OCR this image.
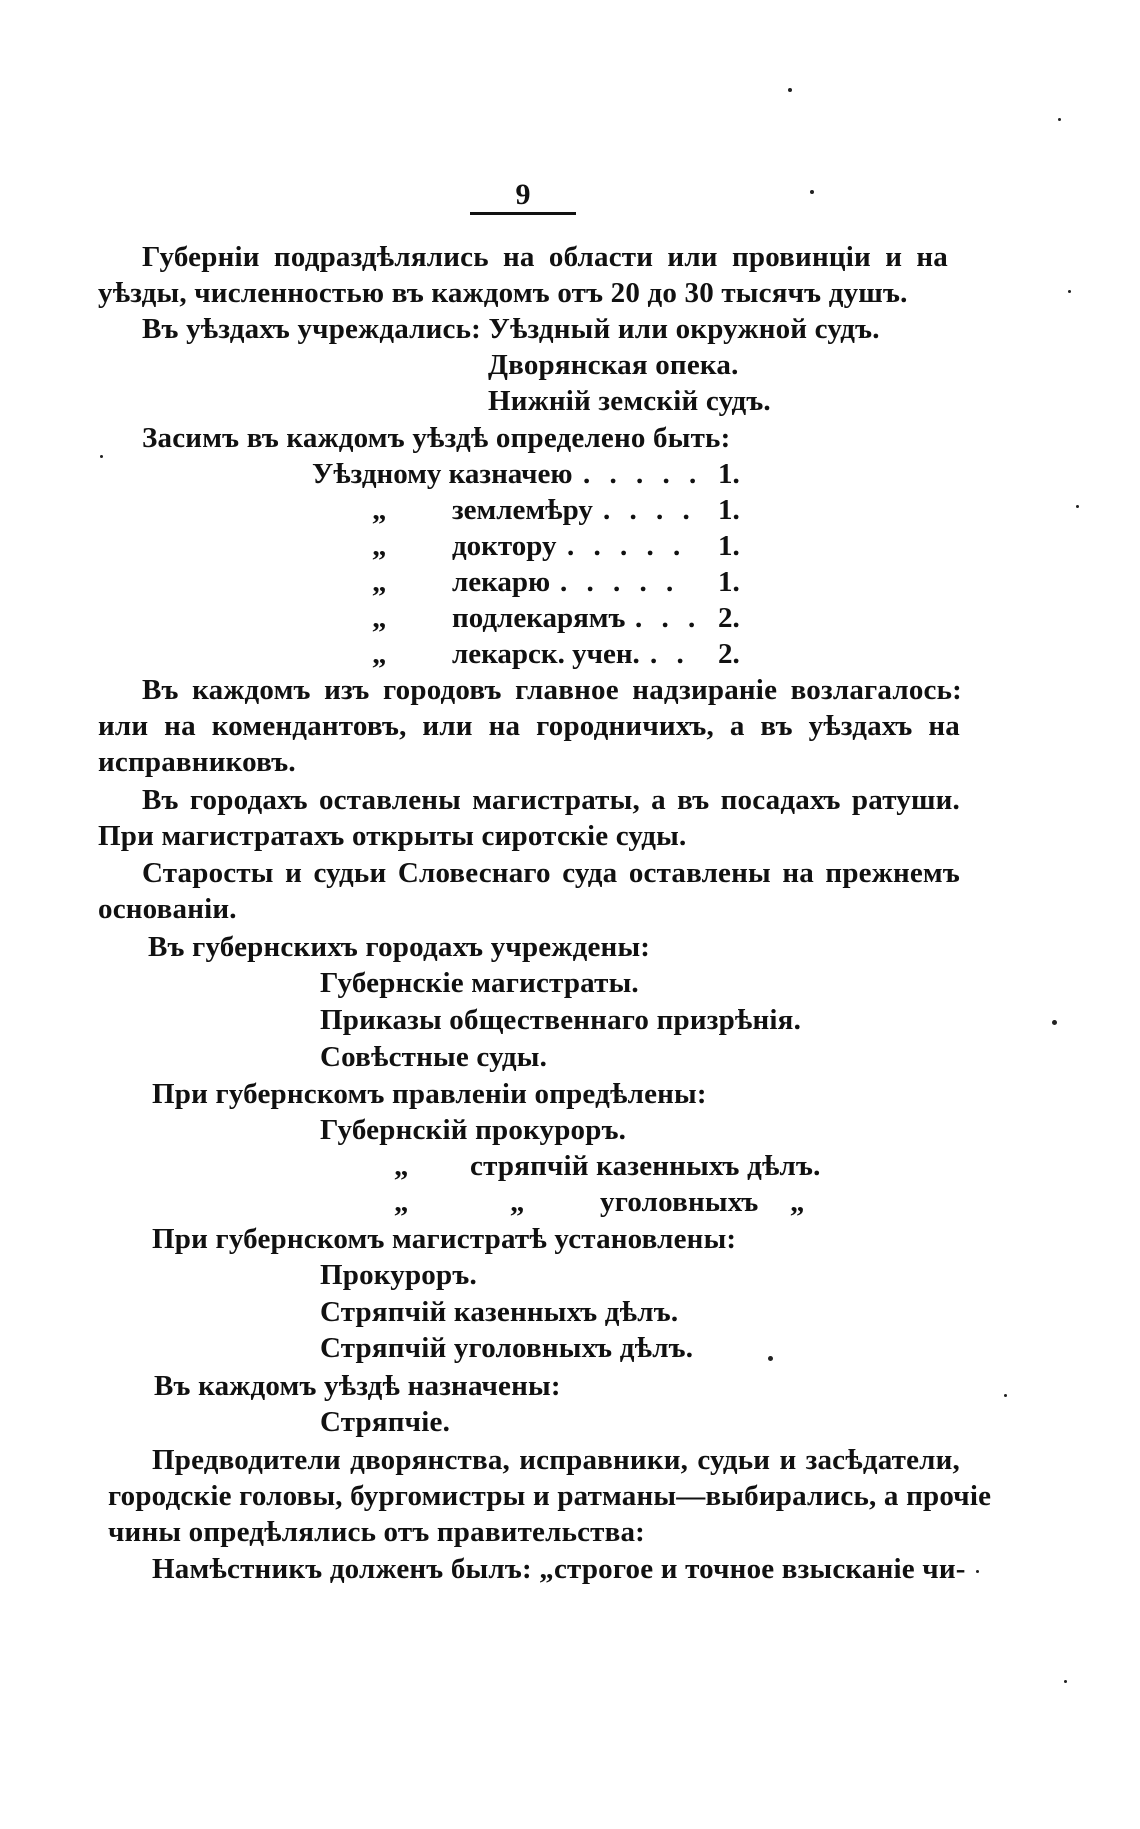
9
Губернiи подраздѣлялись на области или провинцiи и на
уѣзды, численностью въ каждомъ отъ 20 до 30 тысячъ душъ.
Въ уѣздахъ учреждались: Уѣздный или окружной судъ.
Дворянская опека.
Нижнiй земскiй судъ.
Засимъ въ каждомъ уѣздѣ определено быть:
Уѣздному казначею . . . . . 1.
„ землемѣру . . . . 1.
„ доктору . . . . . 1.
„ лекарю . . . . . 1.
„ подлекарямъ . . . 2.
„ лекарск. учен. . . 2.
Въ каждомъ изъ городовъ главное надзиранiе возлагалось:
или на комендантовъ, или на городничихъ, а въ уѣздахъ на
исправниковъ.
Въ городахъ оставлены магистраты, а въ посадахъ ратуши.
При магистратахъ открыты сиротскiе суды.
Старосты и судьи Словеснаго суда оставлены на прежнемъ
основанiи.
Въ губернскихъ городахъ учреждены:
Губернскiе магистраты.
Приказы общественнаго призрѣнiя.
Совѣстные суды.
При губернскомъ правленiи опредѣлены:
Губернскiй прокуроръ.
„ стряпчiй казенныхъ дѣлъ.
„	„	уголовныхъ „
При губернскомъ магистратѣ установлены:
Прокуроръ.
Стряпчiй казенныхъ дѣлъ.
Стряпчiй уголовныхъ дѣлъ.
Въ каждомъ уѣздѣ назначены:
Стряпчiе.
Предводители дворянства, исправники, судьи и засѣдатели,
городскiе головы, бургомистры и ратманы—выбирались, а прочiе
чины опредѣлялись отъ правительства:
Намѣстникъ долженъ былъ: „строгое и точное взысканiе чи-
